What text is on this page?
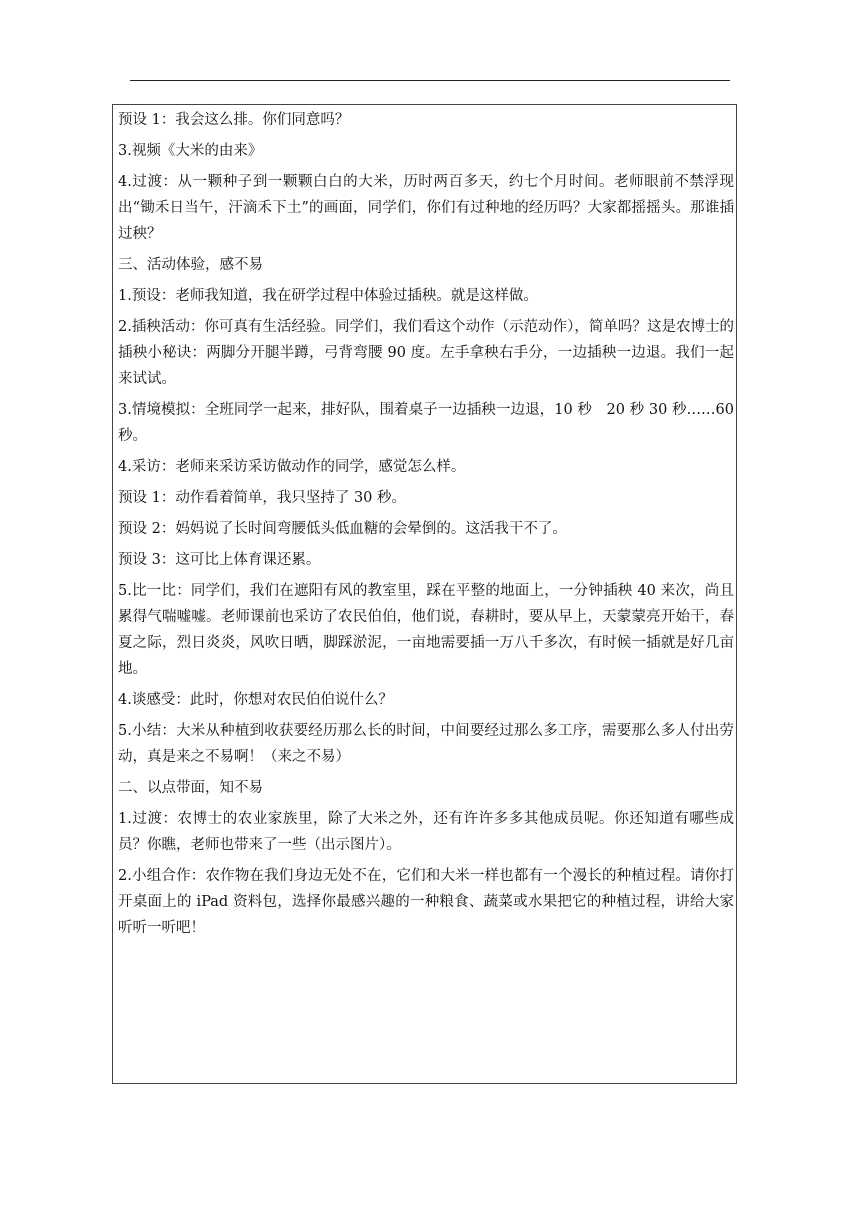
预设 1：我会这么排。你们同意吗？

3.视频《大米的由来》

4.过渡：从一颗种子到一颗颗白白的大米，历时两百多天，约七个月时间。老师眼前不禁浮现出“锄禾日当午，汗滴禾下土”的画面，同学们，你们有过种地的经历吗？大家都摇摇头。那谁插过秧？

三、活动体验，感不易

1.预设：老师我知道，我在研学过程中体验过插秧。就是这样做。

2.插秧活动：你可真有生活经验。同学们，我们看这个动作（示范动作），简单吗？这是农博士的插秧小秘诀：两脚分开腿半蹲，弓背弯腰 90 度。左手拿秧右手分，一边插秧一边退。我们一起来试试。

3.情境模拟：全班同学一起来，排好队，围着桌子一边插秧一边退，10 秒　20 秒 30 秒……60 秒。

4.采访：老师来采访采访做动作的同学，感觉怎么样。

预设 1：动作看着简单，我只坚持了 30 秒。

预设 2：妈妈说了长时间弯腰低头低血糖的会晕倒的。这活我干不了。

预设 3：这可比上体育课还累。

5.比一比：同学们，我们在遮阳有风的教室里，踩在平整的地面上，一分钟插秧 40 来次，尚且累得气喘嘘嘘。老师课前也采访了农民伯伯，他们说，春耕时，要从早上，天蒙蒙亮开始干，春夏之际，烈日炎炎，风吹日晒，脚踩淤泥，一亩地需要插一万八千多次，有时候一插就是好几亩地。

4.谈感受：此时，你想对农民伯伯说什么？

5.小结：大米从种植到收获要经历那么长的时间，中间要经过那么多工序，需要那么多人付出劳动，真是来之不易啊！（来之不易）

二、以点带面，知不易

1.过渡：农博士的农业家族里，除了大米之外，还有许许多多其他成员呢。你还知道有哪些成员？你瞧，老师也带来了一些（出示图片）。

2.小组合作：农作物在我们身边无处不在，它们和大米一样也都有一个漫长的种植过程。请你打开桌面上的 iPad 资料包，选择你最感兴趣的一种粮食、蔬菜或水果把它的种植过程，讲给大家听听一听吧！
